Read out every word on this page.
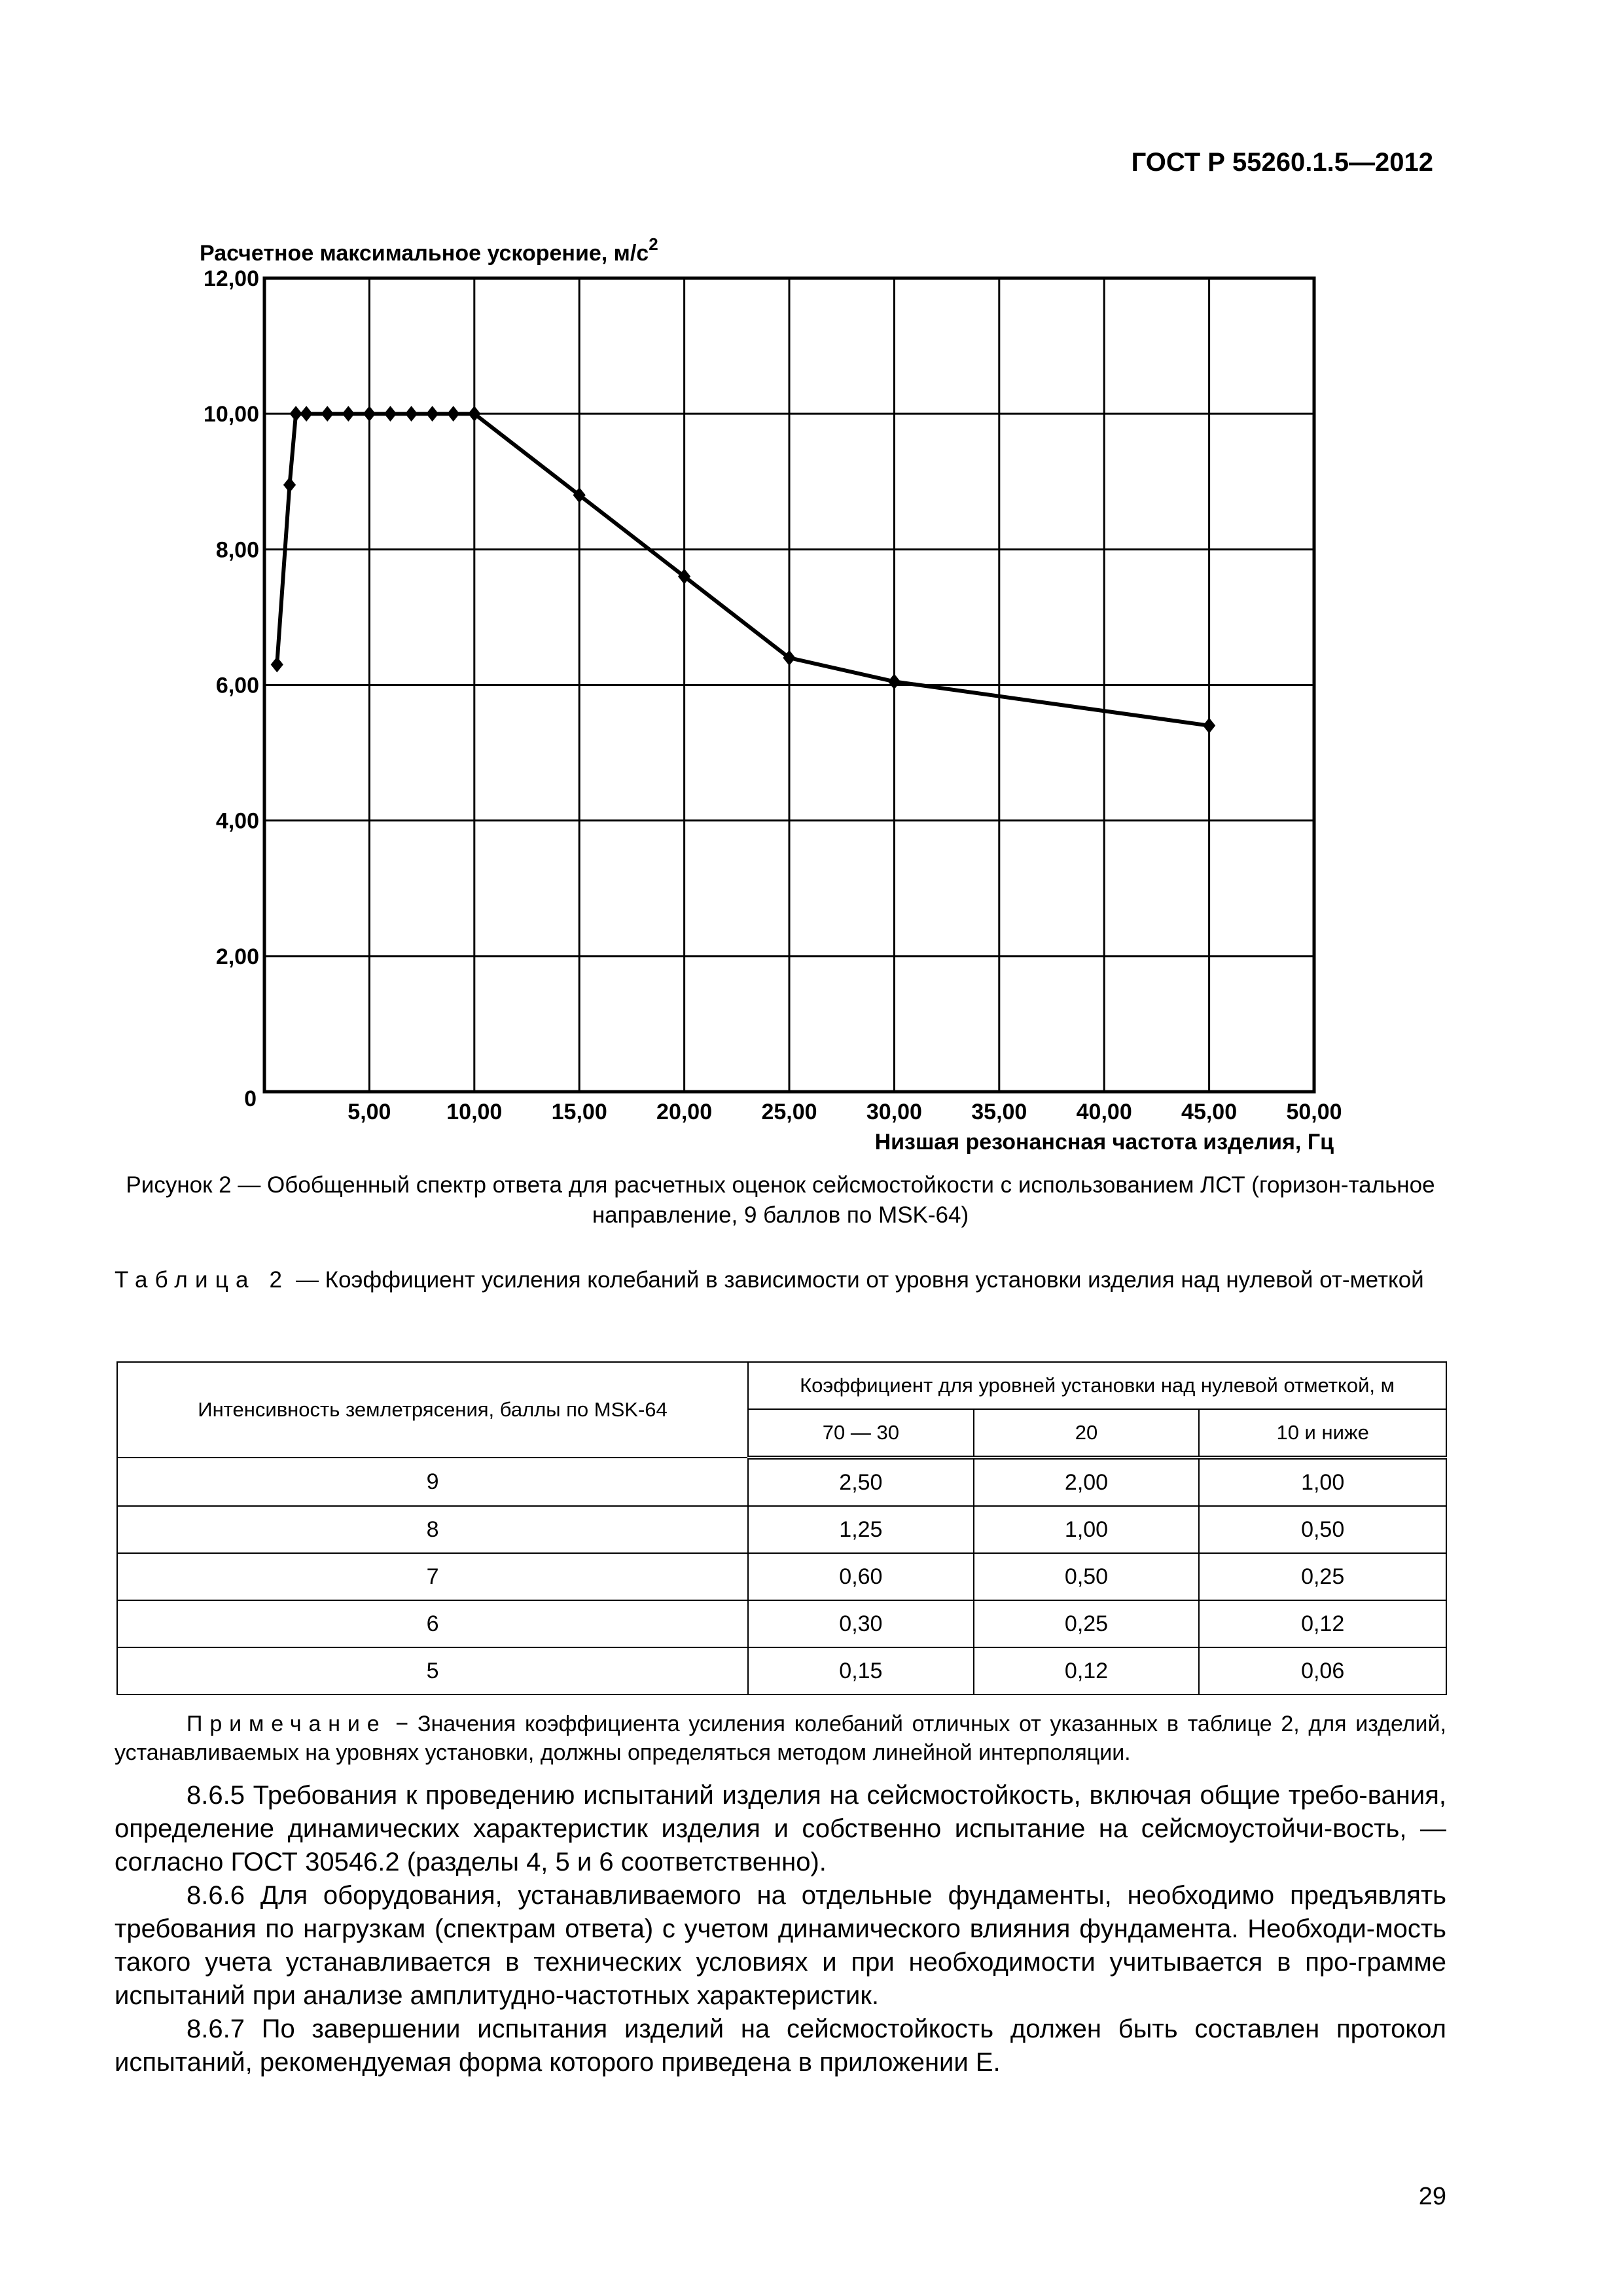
ГОСТ Р 55260.1.5—2012
2,00
4,00
6,00
8,00
10,00
12,00
0
5,00 10,00 15,00 20,00 25,00 30,00 35,00 40,00 45,00 50,00
Расчетное максимальное ускорение, $м/с^2$
Низшая резонансная частота изделия, Гц
Рисунок 2 — Обобщенный спектр ответа для расчетных оценок сейсмостойкости с использованием ЛСТ (горизон-тальное направление, 9 баллов по MSK-64)
Таблица 2 — Коэффициент усиления колебаний в зависимости от уровня установки изделия над нулевой от-меткой
Интенсивность землетрясения, баллы по MSK-64	Коэффициент для уровней установки над нулевой отметкой, м		
	70 — 30	20	10 и ниже
9	2,50	2,00	1,00
8	1,25	1,00	0,50
7	0,60	0,50	0,25
6	0,30	0,25	0,12
5	0,15	0,12	0,06
Примечание − Значения коэффициента усиления колебаний отличных от указанных в таблице 2, для изделий, устанавливаемых на уровнях установки, должны определяться методом линейной интерполяции.

8.6.5 Требования к проведению испытаний изделия на сейсмостойкость, включая общие требо-вания, определение динамических характеристик изделия и собственно испытание на сейсмоустойчи-вость, — согласно ГОСТ 30546.2 (разделы 4, 5 и 6 соответственно).

8.6.6 Для оборудования, устанавливаемого на отдельные фундаменты, необходимо предъявлять требования по нагрузкам (спектрам ответа) с учетом динамического влияния фундамента. Необходи-мость такого учета устанавливается в технических условиях и при необходимости учитывается в про-грамме испытаний при анализе амплитудно-частотных характеристик.

8.6.7 По завершении испытания изделий на сейсмостойкость должен быть составлен протокол испытаний, рекомендуемая форма которого приведена в приложении Е.

29
